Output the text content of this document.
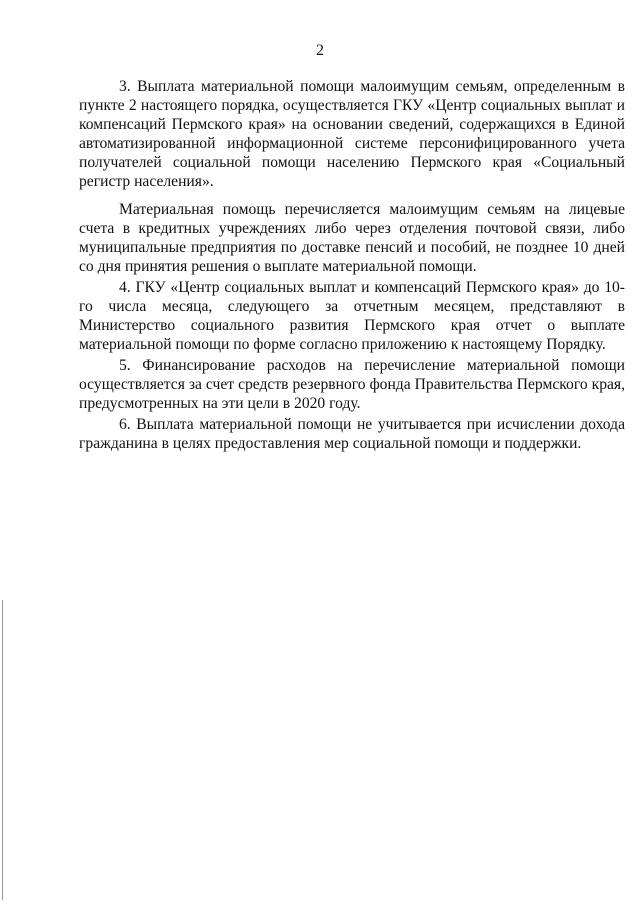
2

3. Выплата материальной помощи малоимущим семьям, определенным в пункте 2 настоящего порядка, осуществляется ГКУ «Центр социальных выплат и компенсаций Пермского края» на основании сведений, содержащихся в Единой автоматизированной информационной системе персонифицированного учета получателей социальной помощи населению Пермского края «Социальный регистр населения».

Материальная помощь перечисляется малоимущим семьям на лицевые счета в кредитных учреждениях либо через отделения почтовой связи, либо муниципальные предприятия по доставке пенсий и пособий, не позднее 10 дней со дня принятия решения о выплате материальной помощи.

4. ГКУ «Центр социальных выплат и компенсаций Пермского края» до 10-го числа месяца, следующего за отчетным месяцем, представляют в Министерство социального развития Пермского края отчет о выплате материальной помощи по форме согласно приложению к настоящему Порядку.

5. Финансирование расходов на перечисление материальной помощи осуществляется за счет средств резервного фонда Правительства Пермского края, предусмотренных на эти цели в 2020 году.

6. Выплата материальной помощи не учитывается при исчислении дохода гражданина в целях предоставления мер социальной помощи и поддержки.
